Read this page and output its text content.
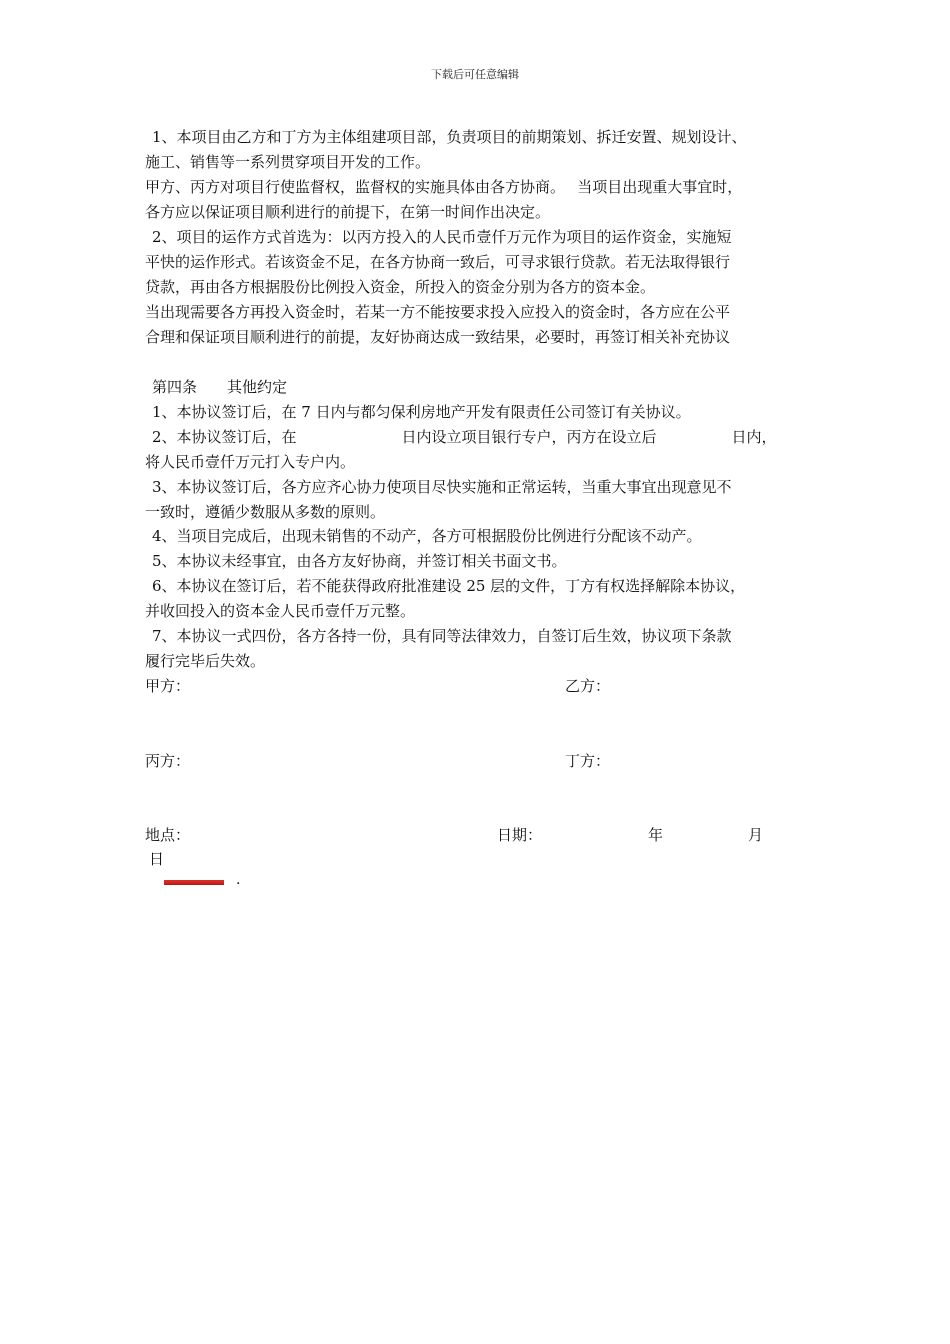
下载后可任意编辑
1、本项目由乙方和丁方为主体组建项目部，负责项目的前期策划、拆迁安置、规划设计、
施工、销售等一系列贯穿项目开发的工作。
甲方、丙方对项目行使监督权，监督权的实施具体由各方协商。　 当项目出现重大事宜时，
各方应以保证项目顺利进行的前提下，在第一时间作出决定。
2、项目的运作方式首选为：以丙方投入的人民币壹仟万元作为项目的运作资金，实施短
平快的运作形式。若该资金不足，在各方协商一致后，可寻求银行贷款。若无法取得银行
贷款，再由各方根据股份比例投入资金，所投入的资金分别为各方的资本金。
当出现需要各方再投入资金时，若某一方不能按要求投入应投入的资金时，各方应在公平
合理和保证项目顺利进行的前提，友好协商达成一致结果，必要时，再签订相关补充协议
第四条　　其他约定
1、本协议签订后，在 7 日内与都匀保利房地产开发有限责任公司签订有关协议。
2、本协议签订后，在　　　　　　　日内设立项目银行专户，丙方在设立后　　　　　日内，
将人民币壹仟万元打入专户内。
3、本协议签订后，各方应齐心协力使项目尽快实施和正常运转，当重大事宜出现意见不
一致时，遵循少数服从多数的原则。
4、当项目完成后，出现未销售的不动产，各方可根据股份比例进行分配该不动产。
5、本协议未经事宜，由各方友好协商，并签订相关书面文书。
6、本协议在签订后，若不能获得政府批准建设 25 层的文件，丁方有权选择解除本协议，
并收回投入的资本金人民币壹仟万元整。
7、本协议一式四份，各方各持一份，具有同等法律效力，自签订后生效，协议项下条款
履行完毕后失效。
甲方：	乙方：
丙方：	丁方：
地点：	日期：	年	月
日
.
